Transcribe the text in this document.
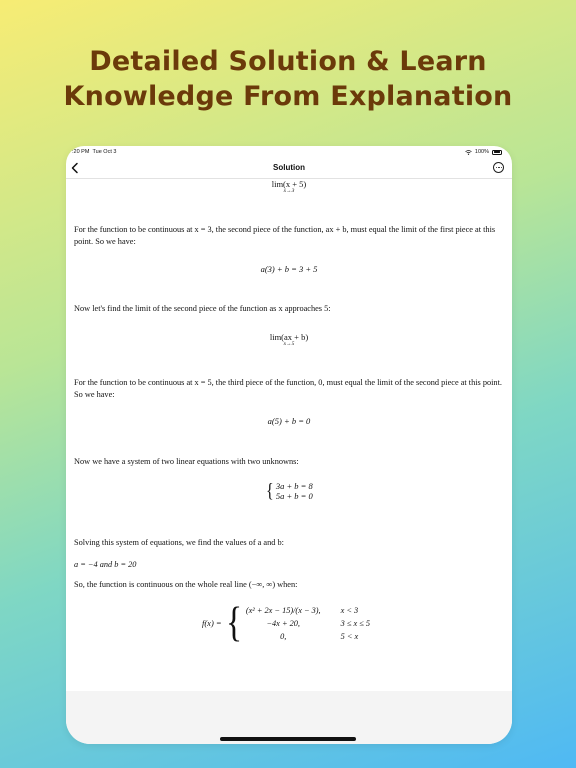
Detailed Solution & Learn
Knowledge From Explanation
:20 PM Tue Oct 3	100%
Solution
lim(x + 5)
x→3
For the function to be continuous at x = 3, the second piece of the function, ax + b, must equal the limit of the first piece at this point. So we have:
a(3) + b = 3 + 5
Now let's find the limit of the second piece of the function as x approaches 5:
lim(ax + b)
x→5
For the function to be continuous at x = 5, the third piece of the function, 0, must equal the limit of the second piece at this point. So we have:
a(5) + b = 0
Now we have a system of two linear equations with two unknowns:
{ 3a + b = 8
5a + b = 0
Solving this system of equations, we find the values of a and b:
a = −4 and b = 20
So, the function is continuous on the whole real line (−∞, ∞) when:
f(x) = { (x² + 2x − 15)/(x − 3),	x < 3
−4x + 20,	3 ≤ x ≤ 5
0,	5 < x
